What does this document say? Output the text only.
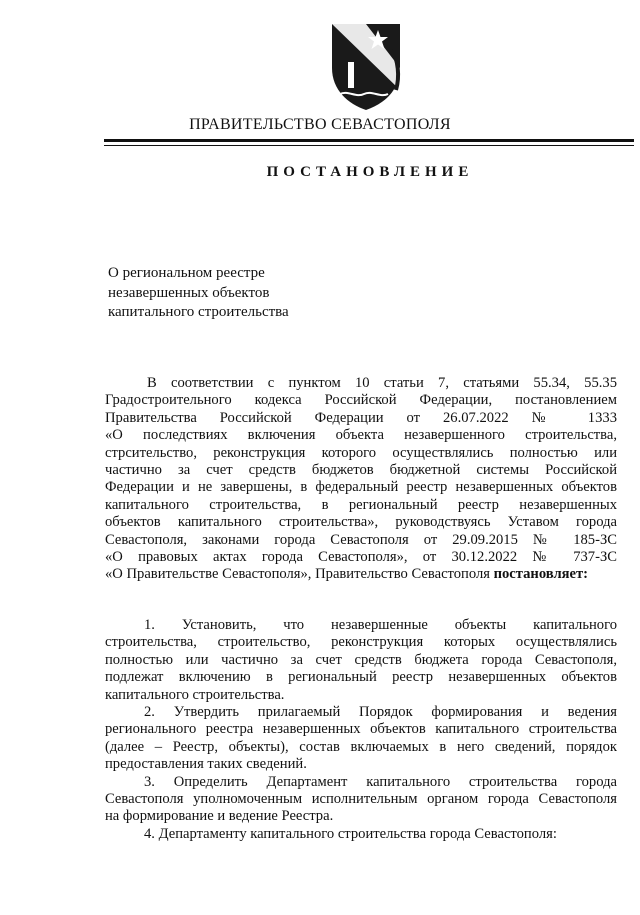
ПРАВИТЕЛЬСТВО СЕВАСТОПОЛЯ
ПОСТАНОВЛЕНИЕ
О региональном реестре
незавершенных объектов
капитального строительства
В соответствии с пунктом 10 статьи 7, статьями 55.34, 55.35
Градостроительного кодекса Российской Федерации, постановлением
Правительства Российской Федерации от 26.07.2022 № 1333
«О последствиях включения объекта незавершенного строительства,
стрсительство, реконструкция которого осуществлялись полностью или
частично за счет средств бюджетов бюджетной системы Российской
Федерации и не завершены, в федеральный реестр незавершенных объектов
капитального строительства, в региональный реестр незавершенных
объектов капитального строительства», руководствуясь Уставом города
Севастополя, законами города Севастополя от 29.09.2015 № 185-ЗС
«О правовых актах города Севастополя», от 30.12.2022 № 737-ЗС
«О Правительстве Севастополя», Правительство Севастополя постановляет:
1. Установить, что незавершенные объекты капитального
строительства, строительство, реконструкция которых осуществлялись
полностью или частично за счет средств бюджета города Севастополя,
подлежат включению в региональный реестр незавершенных объектов
капитального строительства.
2. Утвердить прилагаемый Порядок формирования и ведения
регионального реестра незавершенных объектов капитального строительства
(далее – Реестр, объекты), состав включаемых в него сведений, порядок
предоставления таких сведений.
3. Определить Департамент капитального строительства города
Севастополя уполномоченным исполнительным органом города Севастополя
на формирование и ведение Реестра.
4. Департаменту капитального строительства города Севастополя:
